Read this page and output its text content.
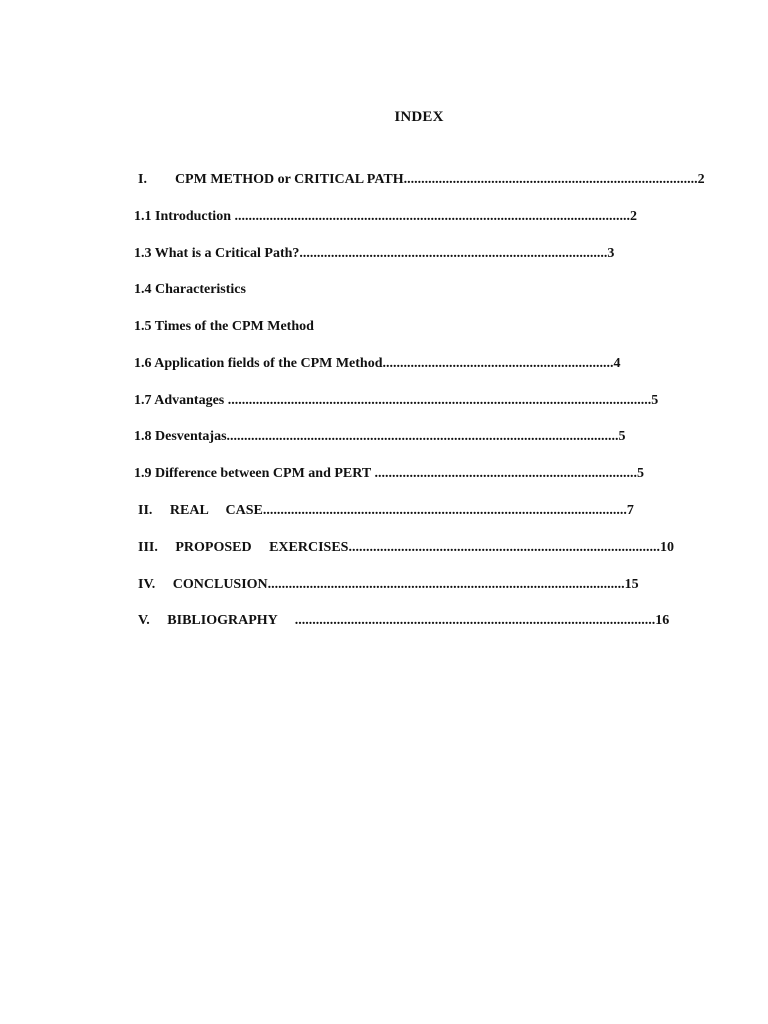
INDEX
I.        CPM METHOD or CRITICAL PATH....................................................................................2
1.1 Introduction .................................................................................................................2
1.3 What is a Critical Path?........................................................................................3
1.4 Characteristics
1.5 Times of the CPM Method
1.6 Application fields of the CPM Method..................................................................4
1.7 Advantages .........................................................................................................................5
1.8 Desventajas................................................................................................................5
1.9 Difference between CPM and PERT ...........................................................................5
II.     REAL     CASE........................................................................................................7
III.     PROPOSED     EXERCISES.........................................................................................10
IV.     CONCLUSION......................................................................................................15
V.     BIBLIOGRAPHY     .......................................................................................................16
